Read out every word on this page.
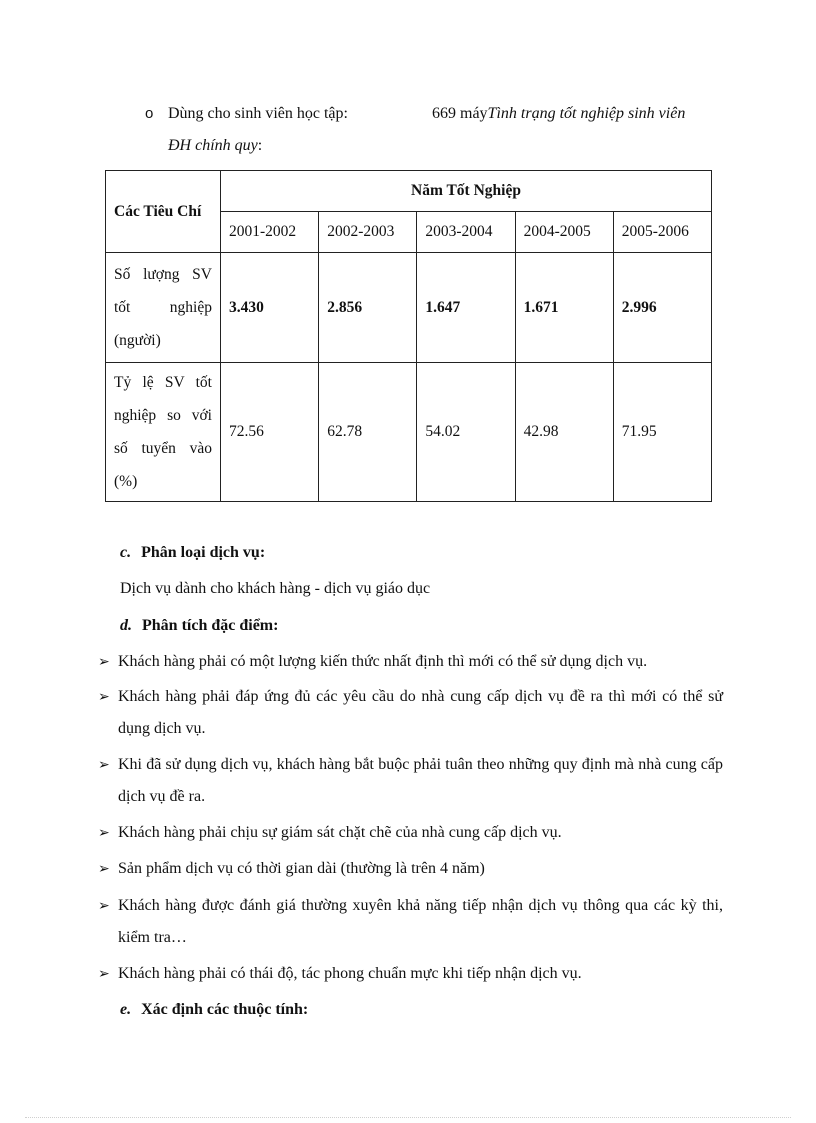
o Dùng cho sinh viên học tập:	669 máyTình trạng tốt nghiệp sinh viên
ĐH chính quy:
Các Tiêu Chí	Năm Tốt Nghiệp				
	2001-2002	2002-2003	2003-2004	2004-2005	2005-2006
Số lượng SV tốt nghiệp (người)	3.430	2.856	1.647	1.671	2.996
Tỷ lệ SV tốt nghiệp so với số tuyển vào (%)	72.56	62.78	54.02	42.98	71.95
c. Phân loại dịch vụ:
Dịch vụ dành cho khách hàng - dịch vụ giáo dục
d. Phân tích đặc điểm:
➢ Khách hàng phải có một lượng kiến thức nhất định thì mới có thể sử dụng dịch vụ.
➢ Khách hàng phải đáp ứng đủ các yêu cầu do nhà cung cấp dịch vụ đề ra thì mới có thể sử dụng dịch vụ.
➢ Khi đã sử dụng dịch vụ, khách hàng bắt buộc phải tuân theo những quy định mà nhà cung cấp dịch vụ đề ra.
➢ Khách hàng phải chịu sự giám sát chặt chẽ của nhà cung cấp dịch vụ.
➢ Sản phẩm dịch vụ có thời gian dài (thường là trên 4 năm)
➢ Khách hàng được đánh giá thường xuyên khả năng tiếp nhận dịch vụ thông qua các kỳ thi, kiểm tra…
➢ Khách hàng phải có thái độ, tác phong chuẩn mực khi tiếp nhận dịch vụ.
e. Xác định các thuộc tính:
